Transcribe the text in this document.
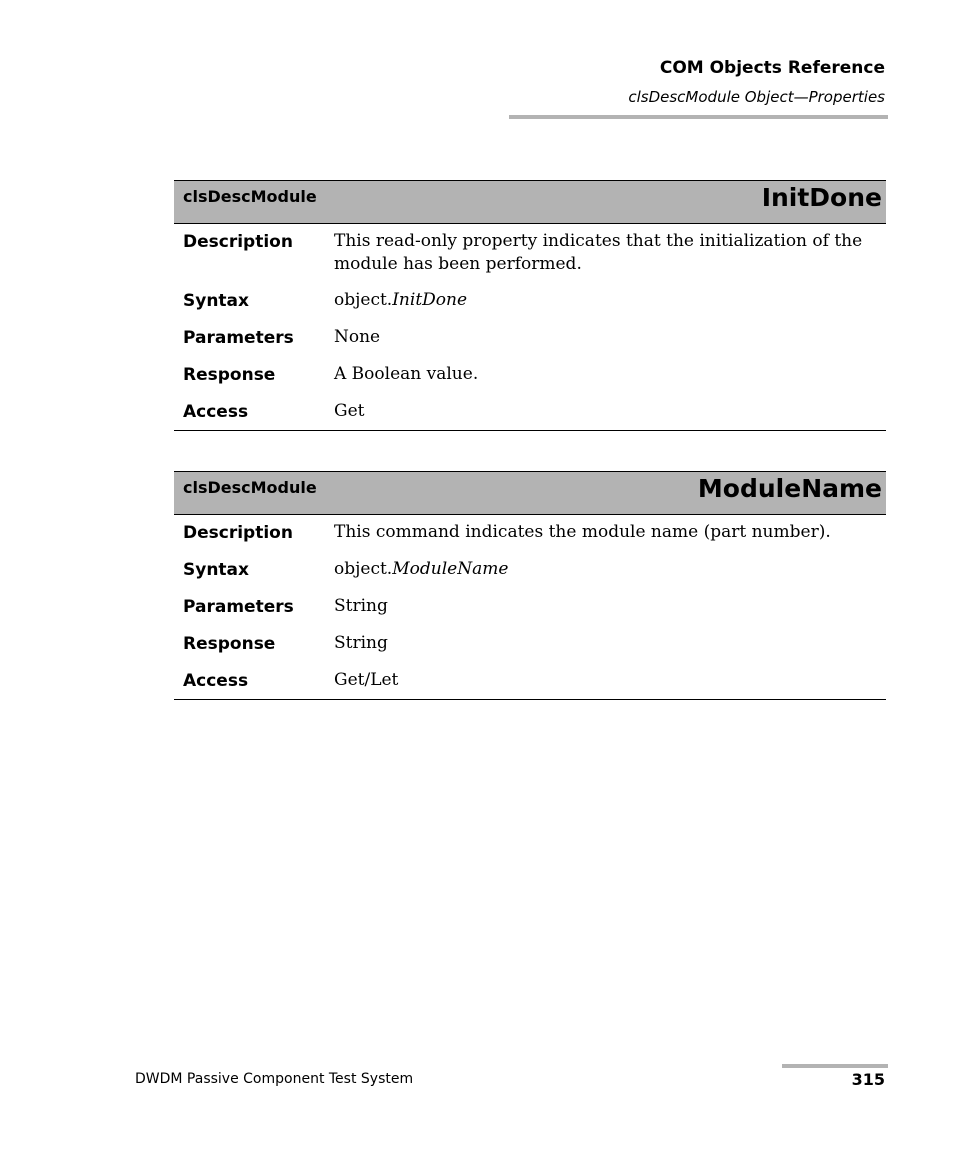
COM Objects Reference
clsDescModule Object—Properties
clsDescModule	InitDone
Description	This read-only property indicates that the initialization of the module has been performed.
Syntax	object.InitDone
Parameters	None
Response	A Boolean value.
Access	Get
clsDescModule	ModuleName
Description	This command indicates the module name (part number).
Syntax	object.ModuleName
Parameters	String
Response	String
Access	Get/Let
DWDM Passive Component Test System	315
